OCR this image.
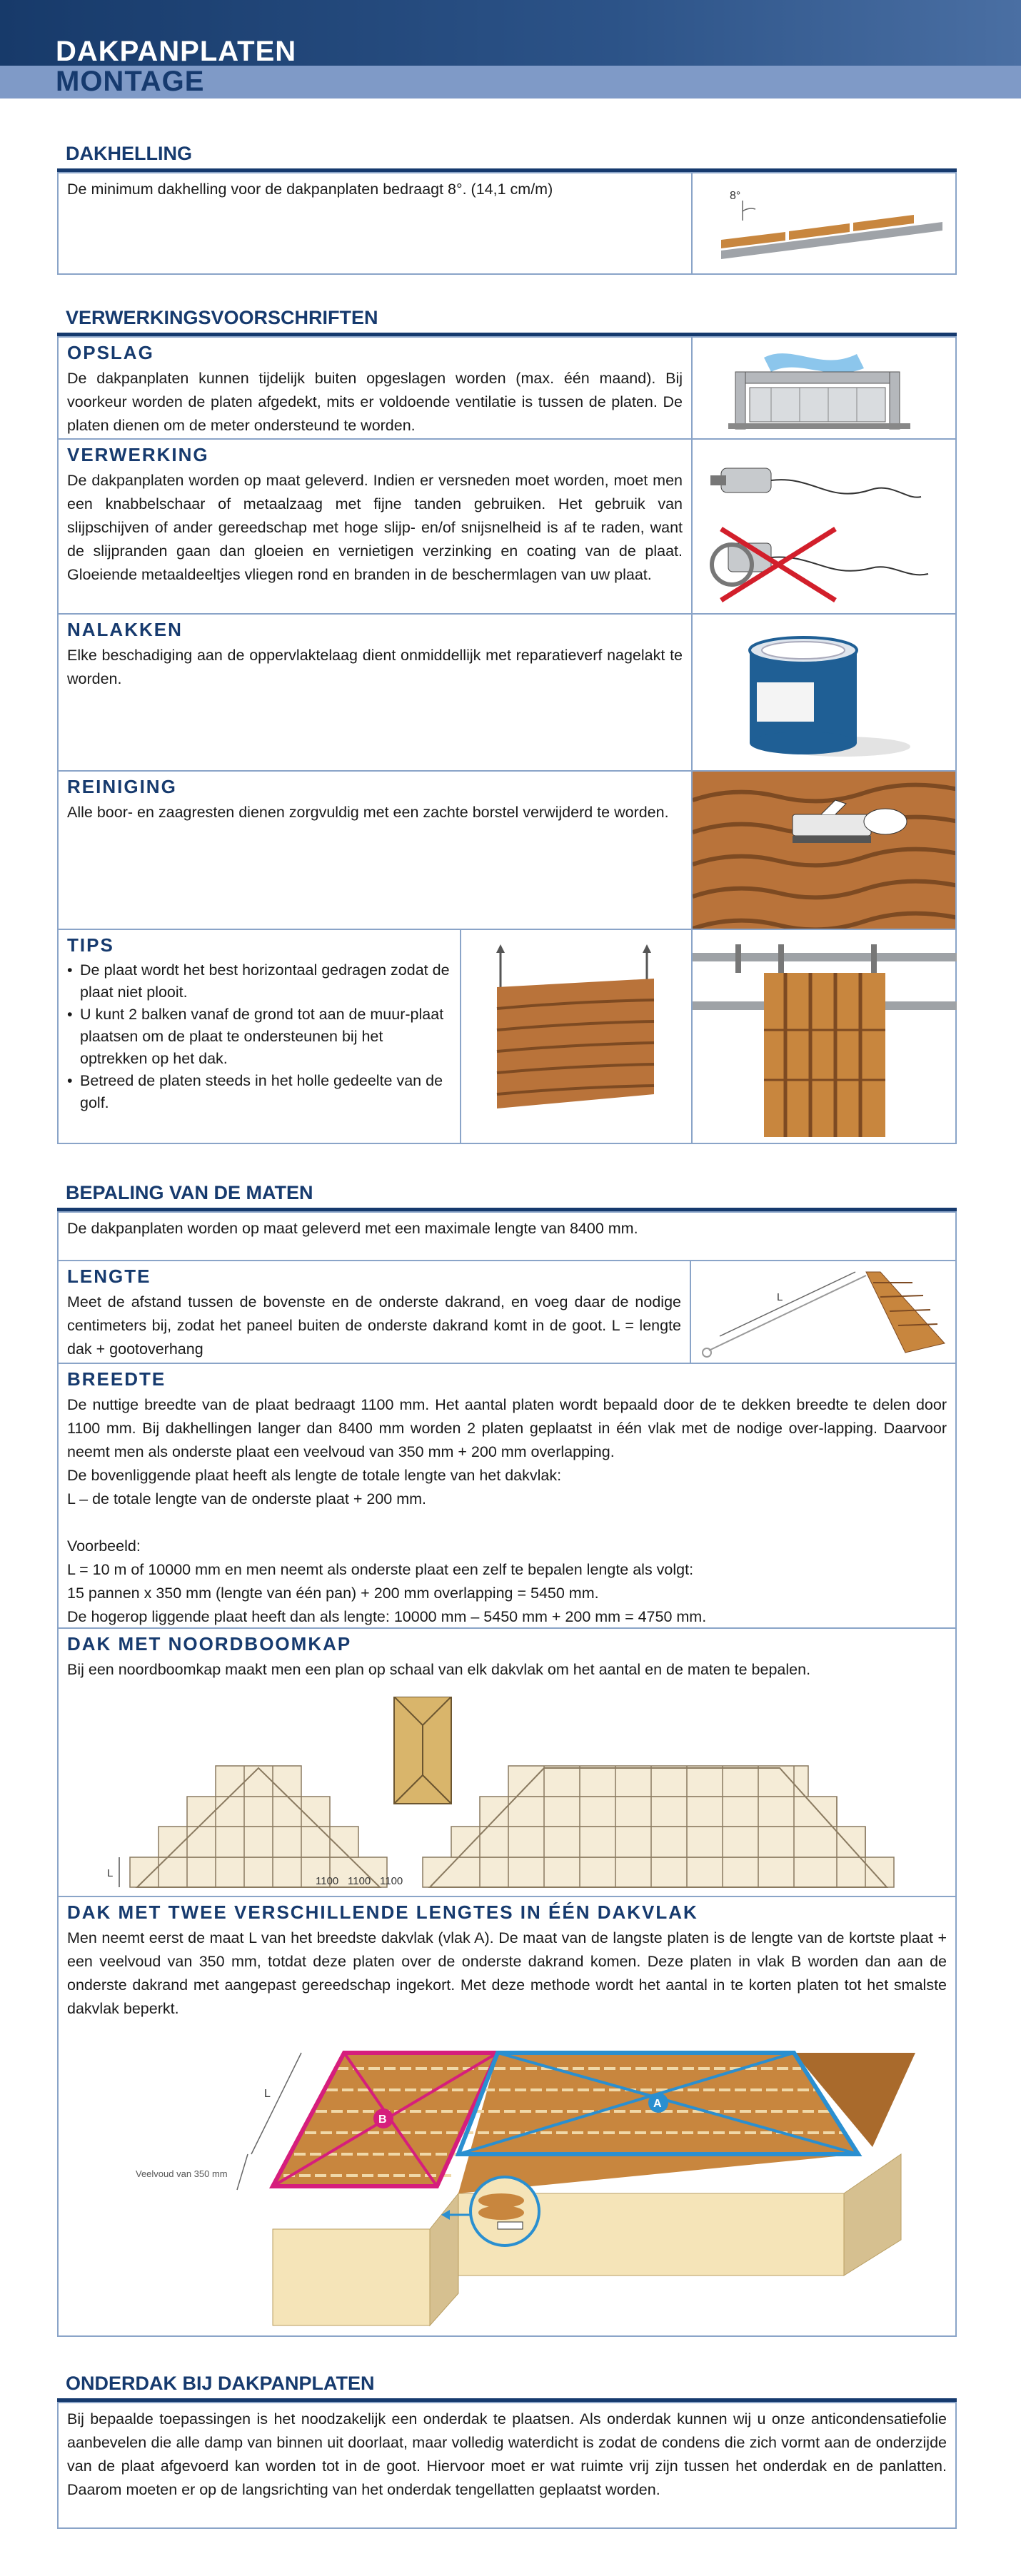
DAKPANPLATEN
MONTAGE
DAKHELLING
De minimum dakhelling voor de dakpanplaten bedraagt 8°. (14,1 cm/m)	8°
VERWERKINGSVOORSCHRIFTEN
OPSLAG
De dakpanplaten kunnen tijdelijk buiten opgeslagen worden (max. één maand). Bij voorkeur worden de platen afgedekt, mits er voldoende ventilatie is tussen de platen. De platen dienen om de meter ondersteund te worden.
VERWERKING
De dakpanplaten worden op maat geleverd. Indien er versneden moet worden, moet men een knabbelschaar of metaalzaag met fijne tanden gebruiken. Het gebruik van slijpschijven of ander gereedschap met hoge slijp- en/of snijsnelheid is af te raden, want de slijpranden gaan dan gloeien en vernietigen verzinking en coating van de plaat. Gloeiende metaaldeeltjes vliegen rond en branden in de beschermlagen van uw plaat.
NALAKKEN
Elke beschadiging aan de oppervlaktelaag dient onmiddellijk met reparatieverf nagelakt te worden.
REINIGING
Alle boor- en zaagresten dienen zorgvuldig met een zachte borstel verwijderd te worden.
TIPS
• De plaat wordt het best horizontaal gedragen zodat de plaat niet plooit.
• U kunt 2 balken vanaf de grond tot aan de muur-plaat plaatsen om de plaat te ondersteunen bij het optrekken op het dak.
• Betreed de platen steeds in het holle gedeelte van de golf.
BEPALING VAN DE MATEN
De dakpanplaten worden op maat geleverd met een maximale lengte van 8400 mm.
LENGTE
Meet de afstand tussen de bovenste en de onderste dakrand, en voeg daar de nodige centimeters bij, zodat het paneel buiten de onderste dakrand komt in de goot. L = lengte dak + gootoverhang
L
BREEDTE
De nuttige breedte van de plaat bedraagt 1100 mm. Het aantal platen wordt bepaald door de te dekken breedte te delen door 1100 mm. Bij dakhellingen langer dan 8400 mm worden 2 platen geplaatst in één vlak met de nodige over-lapping. Daarvoor neemt men als onderste plaat een veelvoud van 350 mm + 200 mm overlapping.
De bovenliggende plaat heeft als lengte de totale lengte van het dakvlak:
L – de totale lengte van de onderste plaat + 200 mm.
Voorbeeld:
L = 10 m of 10000 mm en men neemt als onderste plaat een zelf te bepalen lengte als volgt:
15 pannen x 350 mm (lengte van één pan) + 200 mm overlapping = 5450 mm.
De hogerop liggende plaat heeft dan als lengte: 10000 mm – 5450 mm + 200 mm = 4750 mm.
DAK MET NOORDBOOMKAP
Bij een noordboomkap maakt men een plan op schaal van elk dakvlak om het aantal en de maten te bepalen.
L
1100 1100 1100
DAK MET TWEE VERSCHILLENDE LENGTES IN ÉÉN DAKVLAK
Men neemt eerst de maat L van het breedste dakvlak (vlak A). De maat van de langste platen is de lengte van de kortste plaat + een veelvoud van 350 mm, totdat deze platen over de onderste dakrand komen. Deze platen in vlak B worden dan aan de onderste dakrand met aangepast gereedschap ingekort. Met deze methode wordt het aantal in te korten platen tot het smalste dakvlak beperkt.
B
A
L
Veelvoud van 350 mm
ONDERDAK BIJ DAKPANPLATEN
Bij bepaalde toepassingen is het noodzakelijk een onderdak te plaatsen. Als onderdak kunnen wij u onze anticondensatiefolie aanbevelen die alle damp van binnen uit doorlaat, maar volledig waterdicht is zodat de condens die zich vormt aan de onderzijde van de plaat afgevoerd kan worden tot in de goot. Hiervoor moet er wat ruimte vrij zijn tussen het onderdak en de panlatten. Daarom moeten er op de langsrichting van het onderdak tengellatten geplaatst worden.
